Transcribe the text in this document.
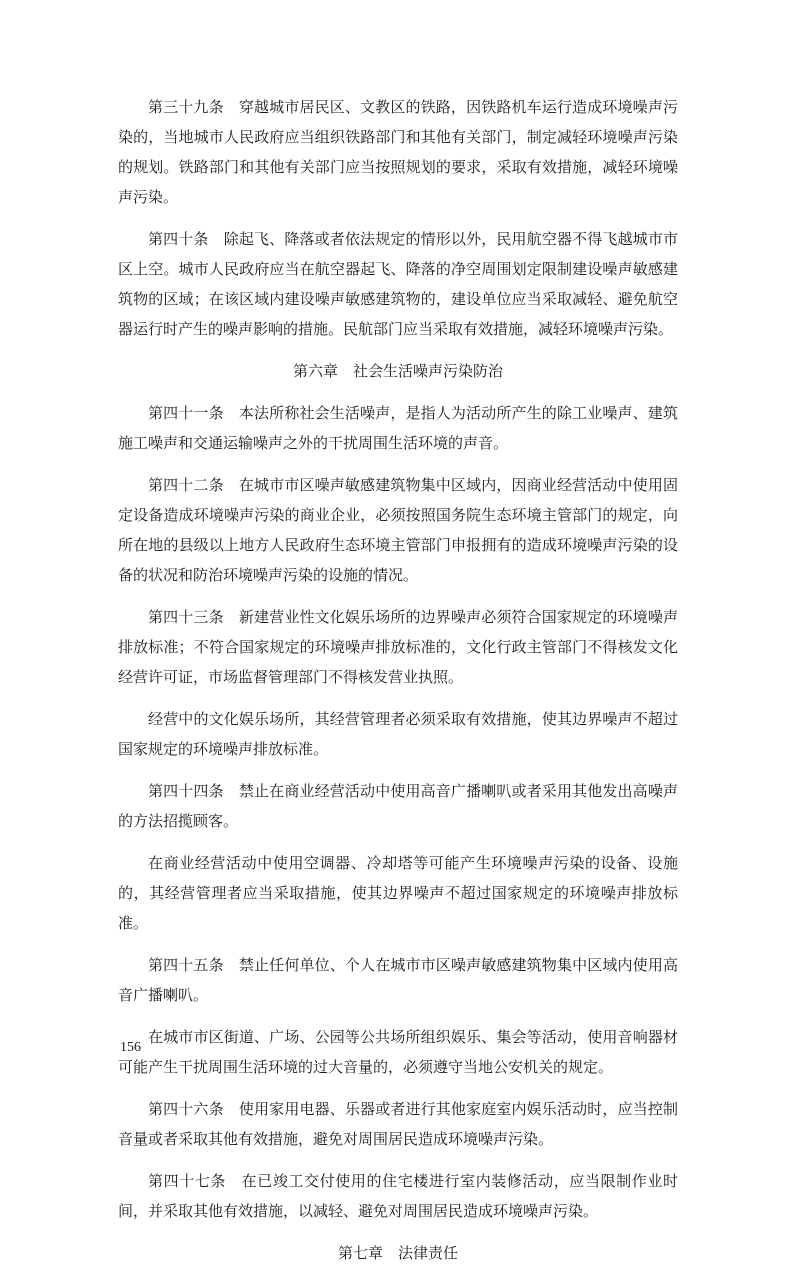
第三十九条　 穿越城市居民区、文教区的铁路，因铁路机车运行造成环境噪声污染的，当地城市人民政府应当组织铁路部门和其他有关部门，制定减轻环境噪声污染的规划。铁路部门和其他有关部门应当按照规划的要求，采取有效措施，减轻环境噪声污染。

第四十条　 除起飞、降落或者依法规定的情形以外，民用航空器不得飞越城市市区上空。城市人民政府应当在航空器起飞、降落的净空周围划定限制建设噪声敏感建筑物的区域；在该区域内建设噪声敏感建筑物的，建设单位应当采取减轻、避免航空器运行时产生的噪声影响的措施。民航部门应当采取有效措施，减轻环境噪声污染。

第六章　 社会生活噪声污染防治

第四十一条　 本法所称社会生活噪声，是指人为活动所产生的除工业噪声、建筑施工噪声和交通运输噪声之外的干扰周围生活环境的声音。

第四十二条　 在城市市区噪声敏感建筑物集中区域内，因商业经营活动中使用固定设备造成环境噪声污染的商业企业，必须按照国务院生态环境主管部门的规定，向所在地的县级以上地方人民政府生态环境主管部门申报拥有的造成环境噪声污染的设备的状况和防治环境噪声污染的设施的情况。

第四十三条　 新建营业性文化娱乐场所的边界噪声必须符合国家规定的环境噪声排放标准；不符合国家规定的环境噪声排放标准的，文化行政主管部门不得核发文化经营许可证，市场监督管理部门不得核发营业执照。

经营中的文化娱乐场所，其经营管理者必须采取有效措施，使其边界噪声不超过国家规定的环境噪声排放标准。

第四十四条　 禁止在商业经营活动中使用高音广播喇叭或者采用其他发出高噪声的方法招揽顾客。

在商业经营活动中使用空调器、冷却塔等可能产生环境噪声污染的设备、设施的，其经营管理者应当采取措施，使其边界噪声不超过国家规定的环境噪声排放标准。

第四十五条　 禁止任何单位、个人在城市市区噪声敏感建筑物集中区域内使用高音广播喇叭。

在城市市区街道、广场、公园等公共场所组织娱乐、集会等活动，使用音响器材可能产生干扰周围生活环境的过大音量的，必须遵守当地公安机关的规定。

第四十六条　 使用家用电器、乐器或者进行其他家庭室内娱乐活动时，应当控制音量或者采取其他有效措施，避免对周围居民造成环境噪声污染。

第四十七条　 在已竣工交付使用的住宅楼进行室内装修活动，应当限制作业时间，并采取其他有效措施，以减轻、避免对周围居民造成环境噪声污染。

第七章　 法律责任

156
